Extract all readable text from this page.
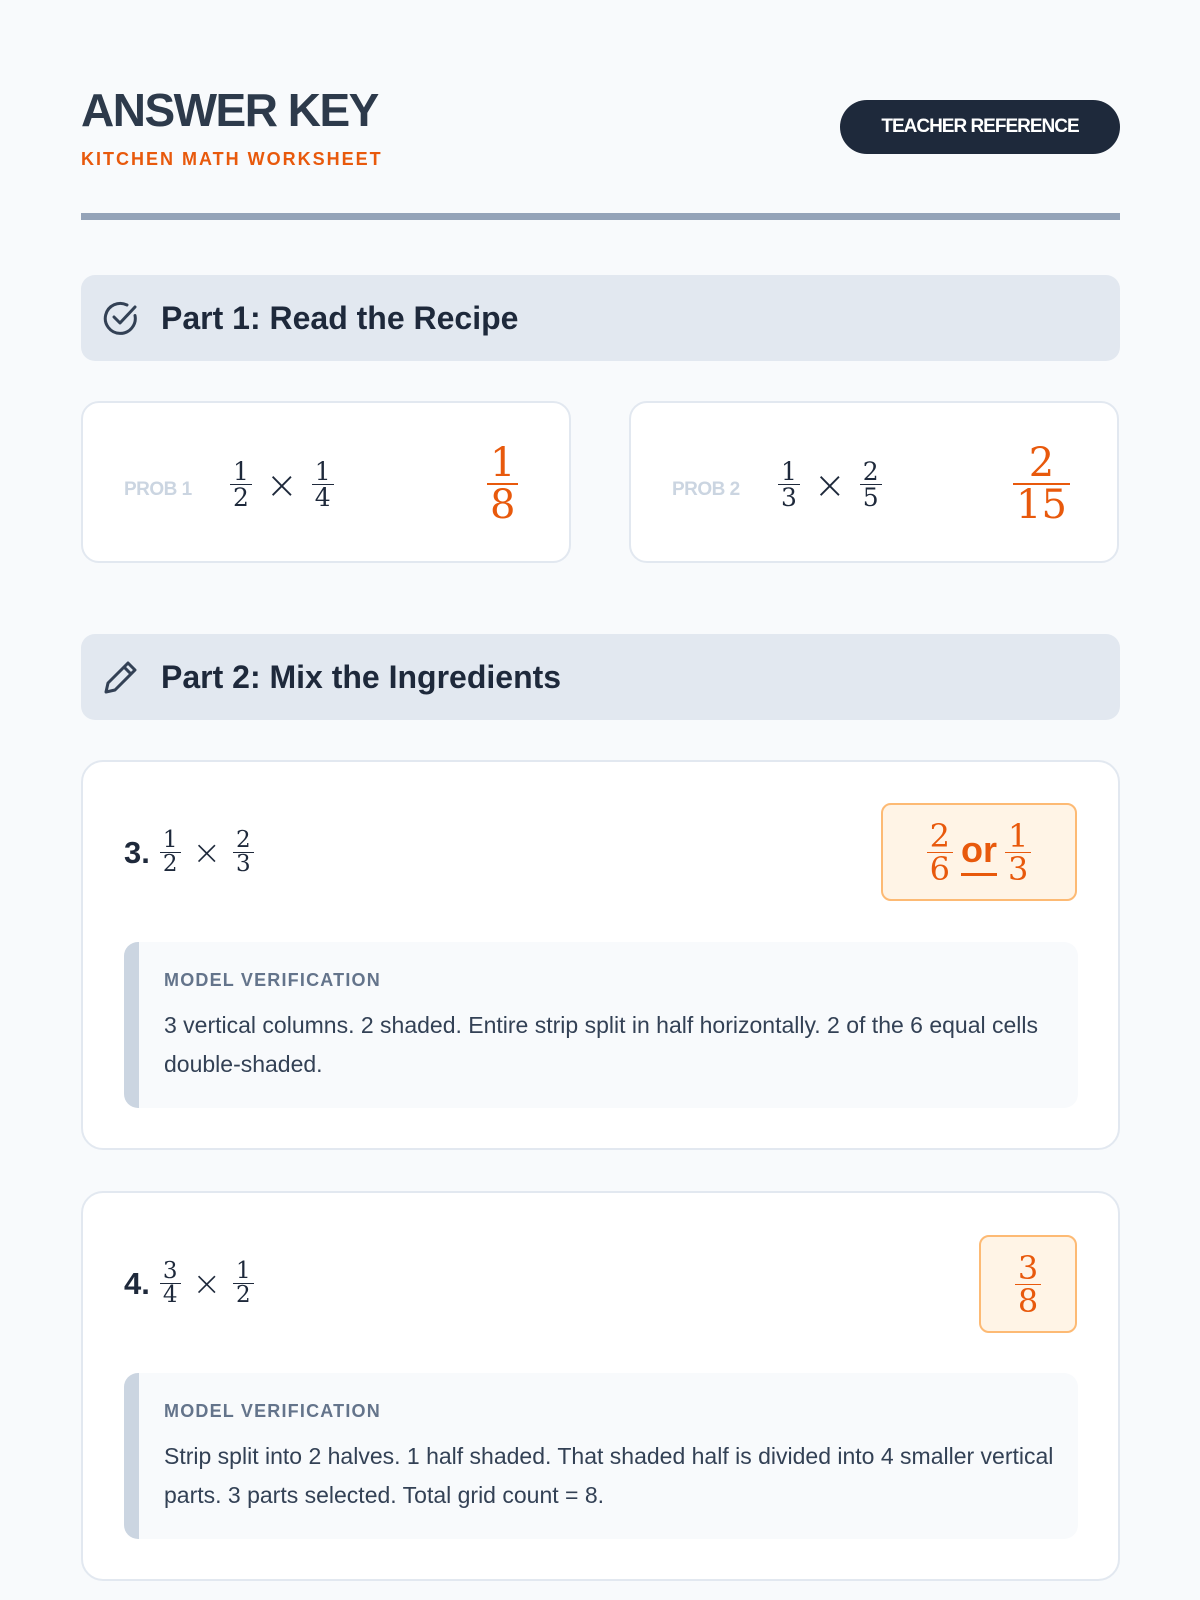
ANSWER KEY
KITCHEN MATH WORKSHEET
TEACHER REFERENCE
Part 1: Read the Recipe
PROB $1 \frac{1}{2} \times \frac{1}{4}$	$\frac{1}{8}$	PROB $2 \frac{1}{3} \times \frac{2}{5}$	$\frac{2}{15}$
Part 2: Mix the Ingredients
3. $\frac{1}{2} \times \frac{2}{3}$	$\frac{2}{6}$ or $\frac{1}{3}$
MODEL VERIFICATION
3 vertical columns. 2 shaded. Entire strip split in half horizontally. 2 of the 6 equal cells double-shaded.
4. $\frac{3}{4} \times \frac{1}{2}$	$\frac{3}{8}$
MODEL VERIFICATION
Strip split into 2 halves. 1 half shaded. That shaded half is divided into 4 smaller vertical parts. 3 parts selected. Total grid count = 8.
